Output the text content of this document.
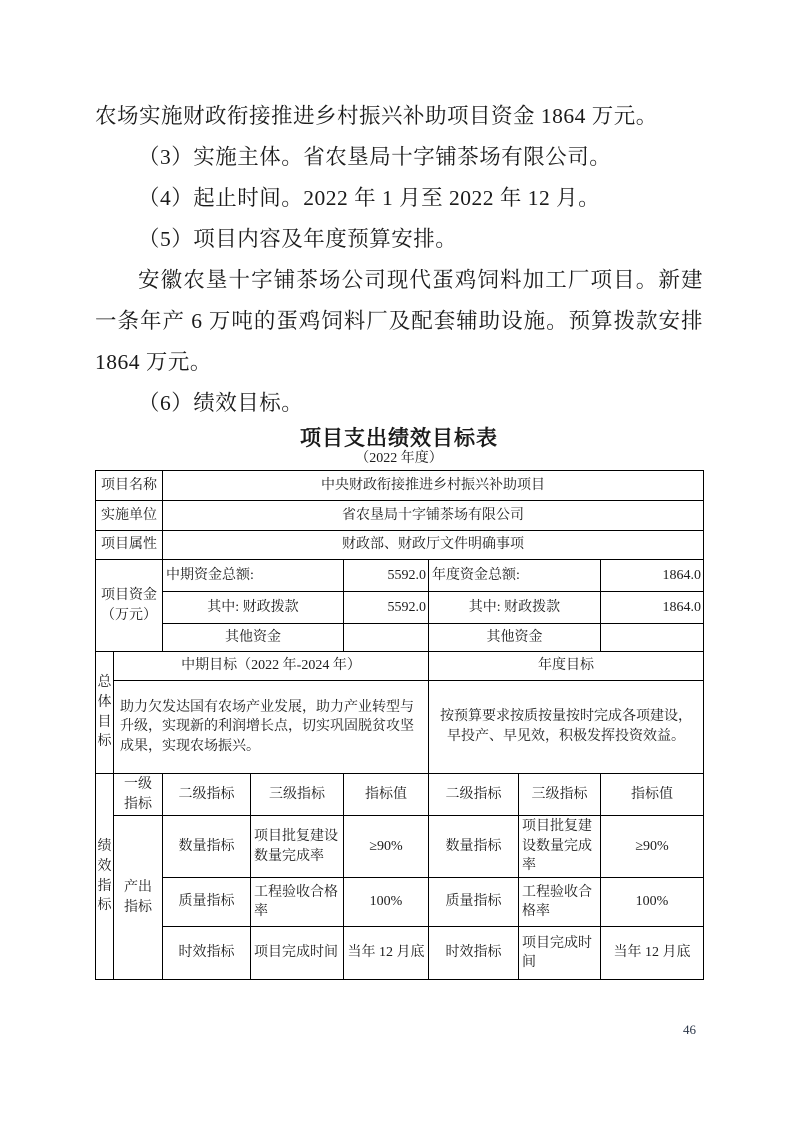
农场实施财政衔接推进乡村振兴补助项目资金 1864 万元。

（3）实施主体。省农垦局十字铺茶场有限公司。

（4）起止时间。2022 年 1 月至 2022 年 12 月。

（5）项目内容及年度预算安排。

安徽农垦十字铺茶场公司现代蛋鸡饲料加工厂项目。新建一条年产 6 万吨的蛋鸡饲料厂及配套辅助设施。预算拨款安排 1864 万元。

（6）绩效目标。

项目支出绩效目标表
（2022 年度）
项目名称		中央财政衔接推进乡村振兴补助项目					
实施单位		省农垦局十字铺茶场有限公司					
项目属性		财政部、财政厅文件明确事项					
项目资金（万元）		中期资金总额:		5592.0	年度资金总额:		1864.0
		其中: 财政拨款		5592.0	其中: 财政拨款		1864.0
		其他资金			其他资金		
总体目标	中期目标（2022 年-2024 年）				年度目标		
	助力欠发达国有农场产业发展，助力产业转型与升级，实现新的利润增长点，切实巩固脱贫攻坚成果，实现农场振兴。				按预算要求按质按量按时完成各项建设，早投产、早见效，积极发挥投资效益。		
绩效指标	一级指标	二级指标	三级指标	指标值	二级指标	三级指标	指标值
	产出指标	数量指标	项目批复建设数量完成率	≥90%	数量指标	项目批复建设数量完成率	≥90%
		质量指标	工程验收合格率	100%	质量指标	工程验收合格率	100%
		时效指标	项目完成时间	当年 12 月底	时效指标	项目完成时间	当年 12 月底
46
